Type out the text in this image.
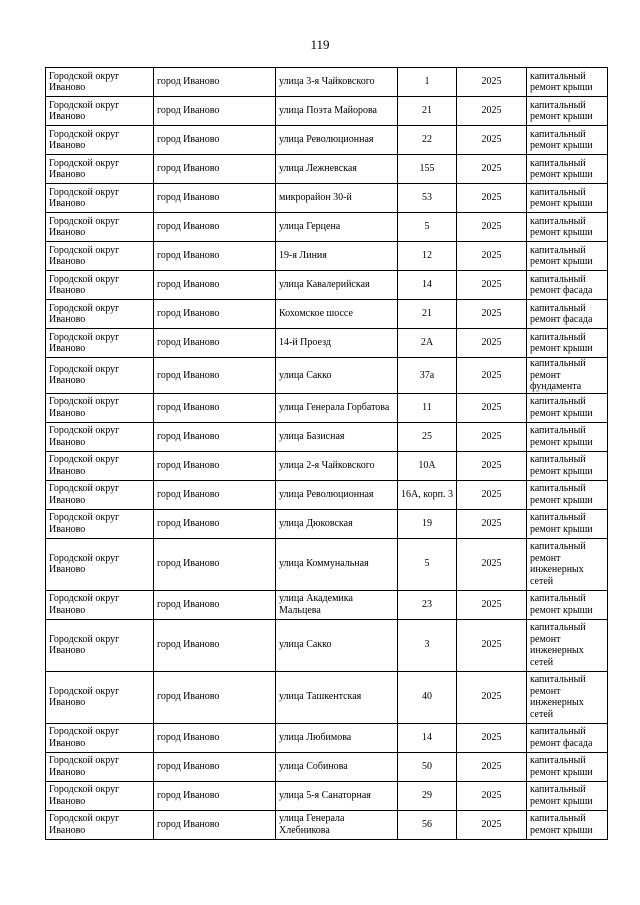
119
Городской округ Иваново	город Иваново	улица 3-я Чайковского	1	2025	капитальный ремонт крыши
Городской округ Иваново	город Иваново	улица Поэта Майорова	21	2025	капитальный ремонт крыши
Городской округ Иваново	город Иваново	улица Революционная	22	2025	капитальный ремонт крыши
Городской округ Иваново	город Иваново	улица Лежневская	155	2025	капитальный ремонт крыши
Городской округ Иваново	город Иваново	микрорайон 30-й	53	2025	капитальный ремонт крыши
Городской округ Иваново	город Иваново	улица Герцена	5	2025	капитальный ремонт крыши
Городской округ Иваново	город Иваново	19-я Линия	12	2025	капитальный ремонт крыши
Городской округ Иваново	город Иваново	улица Кавалерийская	14	2025	капитальный ремонт фасада
Городской округ Иваново	город Иваново	Кохомское шоссе	21	2025	капитальный ремонт фасада
Городской округ Иваново	город Иваново	14-й Проезд	2А	2025	капитальный ремонт крыши
Городской округ Иваново	город Иваново	улица Сакко	37а	2025	капитальный ремонт фундамента
Городской округ Иваново	город Иваново	улица Генерала Горбатова	11	2025	капитальный ремонт крыши
Городской округ Иваново	город Иваново	улица Базисная	25	2025	капитальный ремонт крыши
Городской округ Иваново	город Иваново	улица 2-я Чайковского	10А	2025	капитальный ремонт крыши
Городской округ Иваново	город Иваново	улица Революционная	16А, корп. 3	2025	капитальный ремонт крыши
Городской округ Иваново	город Иваново	улица Дюковская	19	2025	капитальный ремонт крыши
Городской округ Иваново	город Иваново	улица Коммунальная	5	2025	капитальный ремонт инженерных сетей
Городской округ Иваново	город Иваново	улица Академика Мальцева	23	2025	капитальный ремонт крыши
Городской округ Иваново	город Иваново	улица Сакко	3	2025	капитальный ремонт инженерных сетей
Городской округ Иваново	город Иваново	улица Ташкентская	40	2025	капитальный ремонт инженерных сетей
Городской округ Иваново	город Иваново	улица Любимова	14	2025	капитальный ремонт фасада
Городской округ Иваново	город Иваново	улица Собинова	50	2025	капитальный ремонт крыши
Городской округ Иваново	город Иваново	улица 5-я Санаторная	29	2025	капитальный ремонт крыши
Городской округ Иваново	город Иваново	улица Генерала Хлебникова	56	2025	капитальный ремонт крыши
